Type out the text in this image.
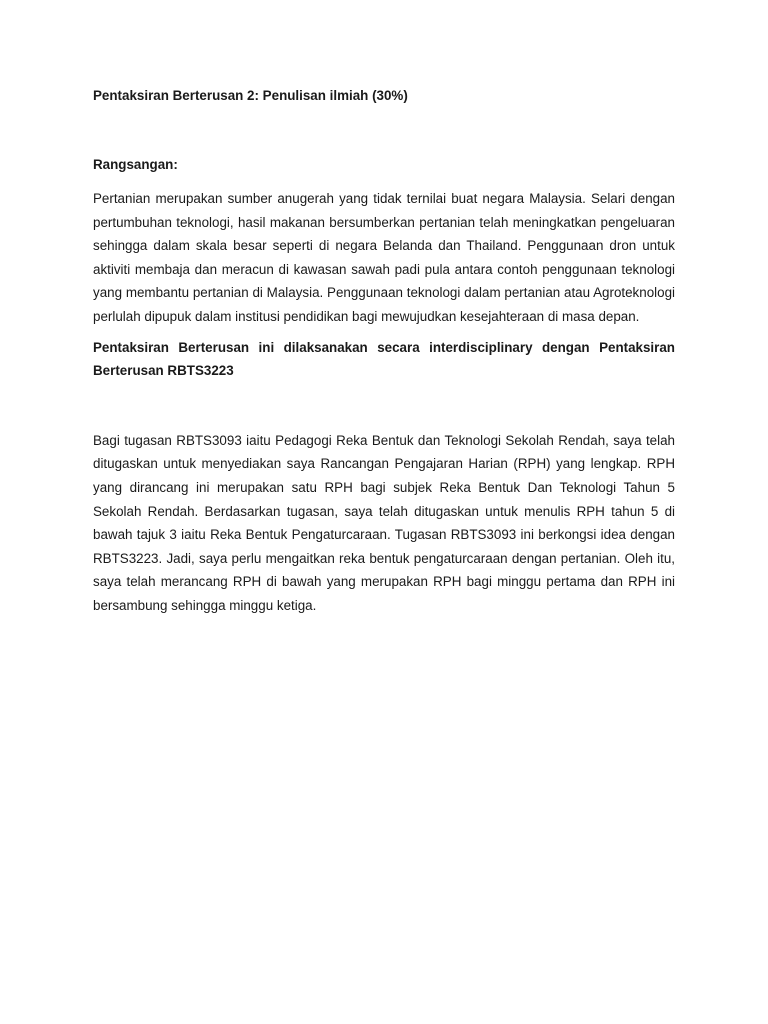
Pentaksiran Berterusan 2: Penulisan ilmiah (30%)

Rangsangan:

Pertanian merupakan sumber anugerah yang tidak ternilai buat negara Malaysia. Selari dengan pertumbuhan teknologi, hasil makanan bersumberkan pertanian telah meningkatkan pengeluaran sehingga dalam skala besar seperti di negara Belanda dan Thailand. Penggunaan dron untuk aktiviti membaja dan meracun di kawasan sawah padi pula antara contoh penggunaan teknologi yang membantu pertanian di Malaysia. Penggunaan teknologi dalam pertanian atau Agroteknologi perlulah dipupuk dalam institusi pendidikan bagi mewujudkan kesejahteraan di masa depan.

Pentaksiran Berterusan ini dilaksanakan secara interdisciplinary dengan Pentaksiran Berterusan RBTS3223

Bagi tugasan RBTS3093 iaitu Pedagogi Reka Bentuk dan Teknologi Sekolah Rendah, saya telah ditugaskan untuk menyediakan saya Rancangan Pengajaran Harian (RPH) yang lengkap. RPH yang dirancang ini merupakan satu RPH bagi subjek Reka Bentuk Dan Teknologi Tahun 5 Sekolah Rendah. Berdasarkan tugasan, saya telah ditugaskan untuk menulis RPH tahun 5 di bawah tajuk 3 iaitu Reka Bentuk Pengaturcaraan. Tugasan RBTS3093 ini berkongsi idea dengan RBTS3223. Jadi, saya perlu mengaitkan reka bentuk pengaturcaraan dengan pertanian. Oleh itu, saya telah merancang RPH di bawah yang merupakan RPH bagi minggu pertama dan RPH ini bersambung sehingga minggu ketiga.
